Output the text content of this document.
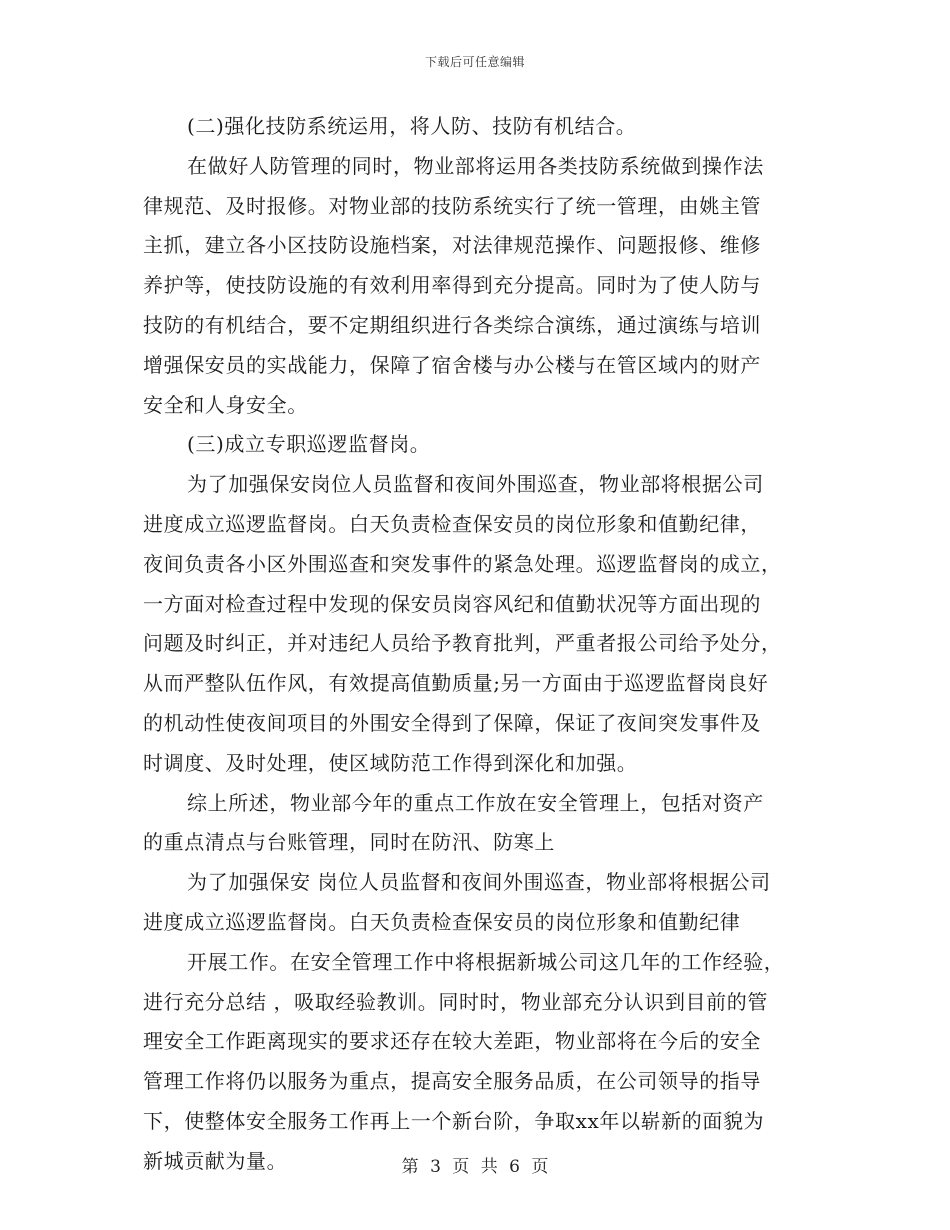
下载后可任意编辑
(二)强化技防系统运用，将人防、技防有机结合。
在做好人防管理的同时，物业部将运用各类技防系统做到操作法
律规范、及时报修。对物业部的技防系统实行了统一管理，由姚主管
主抓，建立各小区技防设施档案，对法律规范操作、问题报修、维修
养护等，使技防设施的有效利用率得到充分提高。同时为了使人防与
技防的有机结合，要不定期组织进行各类综合演练，通过演练与培训
增强保安员的实战能力，保障了宿舍楼与办公楼与在管区域内的财产
安全和人身安全。
(三)成立专职巡逻监督岗。
为了加强保安岗位人员监督和夜间外围巡查，物业部将根据公司
进度成立巡逻监督岗。白天负责检查保安员的岗位形象和值勤纪律，
夜间负责各小区外围巡查和突发事件的紧急处理。巡逻监督岗的成立，
一方面对检查过程中发现的保安员岗容风纪和值勤状况等方面出现的
问题及时纠正，并对违纪人员给予教育批判，严重者报公司给予处分，
从而严整队伍作风，有效提高值勤质量;另一方面由于巡逻监督岗良好
的机动性使夜间项目的外围安全得到了保障，保证了夜间突发事件及
时调度、及时处理，使区域防范工作得到深化和加强。
综上所述，物业部今年的重点工作放在安全管理上，包括对资产
的重点清点与台账管理，同时在防汛、防寒上
为了加强保安 岗位人员监督和夜间外围巡查，物业部将根据公司
进度成立巡逻监督岗。白天负责检查保安员的岗位形象和值勤纪律
开展工作。在安全管理工作中将根据新城公司这几年的工作经验，
进行充分总结 ，吸取经验教训。同时时，物业部充分认识到目前的管
理安全工作距离现实的要求还存在较大差距，物业部将在今后的安全
管理工作将仍以服务为重点，提高安全服务品质，在公司领导的指导
下，使整体安全服务工作再上一个新台阶，争取xx年以崭新的面貌为
新城贡献为量。	第 3 页 共 6 页
